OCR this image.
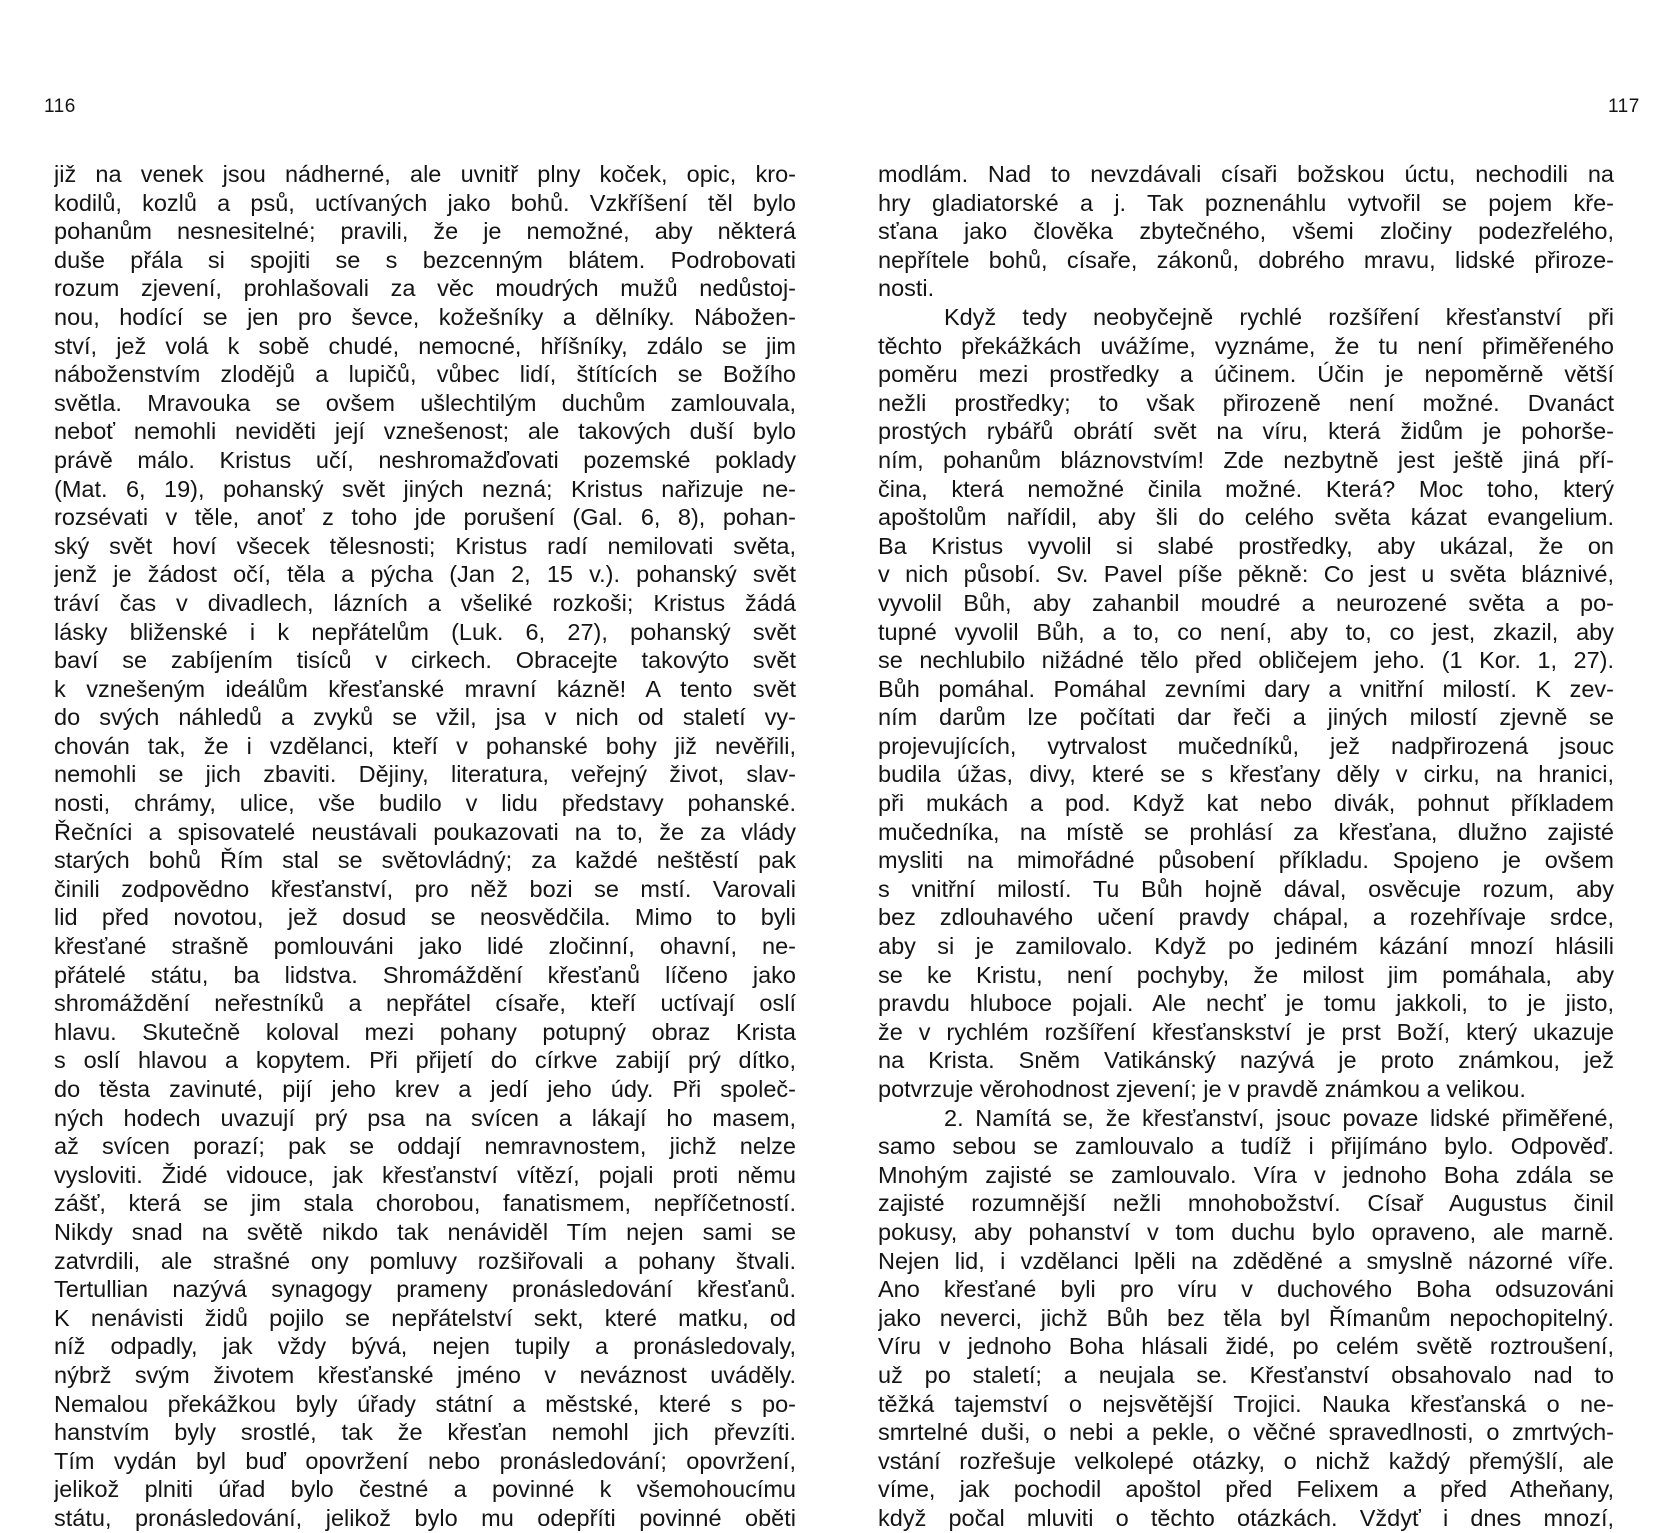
116
již na venek jsou nádherné, ale uvnitř plny koček, opic, kro-
kodilů, kozlů a psů, uctívaných jako bohů. Vzkříšení těl bylo
pohanům nesnesitelné; pravili, že je nemožné, aby některá
duše přála si spojiti se s bezcenným blátem. Podrobovati
rozum zjevení, prohlašovali za věc moudrých mužů nedůstoj-
nou, hodící se jen pro ševce, kožešníky a dělníky. Nábožen-
ství, jež volá k sobě chudé, nemocné, hříšníky, zdálo se jim
náboženstvím zlodějů a lupičů, vůbec lidí, štítících se Božího
světla. Mravouka se ovšem ušlechtilým duchům zamlouvala,
neboť nemohli neviděti její vznešenost; ale takových duší bylo
právě málo. Kristus učí, neshromažďovati pozemské poklady
(Mat. 6, 19), pohanský svět jiných nezná; Kristus nařizuje ne-
rozsévati v těle, anoť z toho jde porušení (Gal. 6, 8), pohan-
ský svět hoví všecek tělesnosti; Kristus radí nemilovati světa,
jenž je žádost očí, těla a pýcha (Jan 2, 15 v.). pohanský svět
tráví čas v divadlech, lázních a všeliké rozkoši; Kristus žádá
lásky bliženské i k nepřátelům (Luk. 6, 27), pohanský svět
baví se zabíjením tisíců v cirkech. Obracejte takovýto svět
k vznešeným ideálům křesťanské mravní kázně! A tento svět
do svých náhledů a zvyků se vžil, jsa v nich od staletí vy-
chován tak, že i vzdělanci, kteří v pohanské bohy již nevěřili,
nemohli se jich zbaviti. Dějiny, literatura, veřejný život, slav-
nosti, chrámy, ulice, vše budilo v lidu představy pohanské.
Řečníci a spisovatelé neustávali poukazovati na to, že za vlády
starých bohů Řím stal se světovládný; za každé neštěstí pak
činili zodpovědno křesťanství, pro něž bozi se mstí. Varovali
lid před novotou, jež dosud se neosvědčila. Mimo to byli
křesťané strašně pomlouváni jako lidé zločinní, ohavní, ne-
přátelé státu, ba lidstva. Shromáždění křesťanů líčeno jako
shromáždění neřestníků a nepřátel císaře, kteří uctívají oslí
hlavu. Skutečně koloval mezi pohany potupný obraz Krista
s oslí hlavou a kopytem. Při přijetí do církve zabijí prý dítko,
do těsta zavinuté, pijí jeho krev a jedí jeho údy. Při společ-
ných hodech uvazují prý psa na svícen a lákají ho masem,
až svícen porazí; pak se oddají nemravnostem, jichž nelze
vysloviti. Židé vidouce, jak křesťanství vítězí, pojali proti němu
zášť, která se jim stala chorobou, fanatismem, nepříčetností.
Nikdy snad na světě nikdo tak nenáviděl Tím nejen sami se
zatvrdili, ale strašné ony pomluvy rozšiřovali a pohany štvali.
Tertullian nazývá synagogy prameny pronásledování křesťanů.
K nenávisti židů pojilo se nepřátelství sekt, které matku, od
níž odpadly, jak vždy bývá, nejen tupily a pronásledovaly,
nýbrž svým životem křesťanské jméno v neváznost uváděly.
Nemalou překážkou byly úřady státní a městské, které s po-
hanstvím byly srostlé, tak že křesťan nemohl jich převzíti.
Tím vydán byl buď opovržení nebo pronásledování; opovržení,
jelikož plniti úřad bylo čestné a povinné k všemohoucímu
státu, pronásledování, jelikož bylo mu odepříti povinné oběti
117
modlám. Nad to nevzdávali císaři božskou úctu, nechodili na
hry gladiatorské a j. Tak poznenáhlu vytvořil se pojem kře-
sťana jako člověka zbytečného, všemi zločiny podezřelého,
nepřítele bohů, císaře, zákonů, dobrého mravu, lidské přiroze-
nosti.
Když tedy neobyčejně rychlé rozšíření křesťanství při
těchto překážkách uvážíme, vyznáme, že tu není přiměřeného
poměru mezi prostředky a účinem. Účin je nepoměrně větší
nežli prostředky; to však přirozeně není možné. Dvanáct
prostých rybářů obrátí svět na víru, která židům je pohorše-
ním, pohanům bláznovstvím! Zde nezbytně jest ještě jiná pří-
čina, která nemožné činila možné. Která? Moc toho, který
apoštolům nařídil, aby šli do celého světa kázat evangelium.
Ba Kristus vyvolil si slabé prostředky, aby ukázal, že on
v nich působí. Sv. Pavel píše pěkně: Co jest u světa bláznivé,
vyvolil Bůh, aby zahanbil moudré a neurozené světa a po-
tupné vyvolil Bůh, a to, co není, aby to, co jest, zkazil, aby
se nechlubilo nižádné tělo před obličejem jeho. (1 Kor. 1, 27).
Bůh pomáhal. Pomáhal zevními dary a vnitřní milostí. K zev-
ním darům lze počítati dar řeči a jiných milostí zjevně se
projevujících, vytrvalost mučedníků, jež nadpřirozená jsouc
budila úžas, divy, které se s křesťany děly v cirku, na hranici,
při mukách a pod. Když kat nebo divák, pohnut příkladem
mučedníka, na místě se prohlásí za křesťana, dlužno zajisté
mysliti na mimořádné působení příkladu. Spojeno je ovšem
s vnitřní milostí. Tu Bůh hojně dával, osvěcuje rozum, aby
bez zdlouhavého učení pravdy chápal, a rozehřívaje srdce,
aby si je zamilovalo. Když po jediném kázání mnozí hlásili
se ke Kristu, není pochyby, že milost jim pomáhala, aby
pravdu hluboce pojali. Ale nechť je tomu jakkoli, to je jisto,
že v rychlém rozšíření křesťanskství je prst Boží, který ukazuje
na Krista. Sněm Vatikánský nazývá je proto známkou, jež
potvrzuje věrohodnost zjevení; je v pravdě známkou a velikou.
2. Namítá se, že křesťanství, jsouc povaze lidské přiměřené,
samo sebou se zamlouvalo a tudíž i přijímáno bylo. Odpověď.
Mnohým zajisté se zamlouvalo. Víra v jednoho Boha zdála se
zajisté rozumnější nežli mnohobožství. Císař Augustus činil
pokusy, aby pohanství v tom duchu bylo opraveno, ale marně.
Nejen lid, i vzdělanci lpěli na zděděné a smyslně názorné víře.
Ano křesťané byli pro víru v duchového Boha odsuzováni
jako neverci, jichž Bůh bez těla byl Římanům nepochopitelný.
Víru v jednoho Boha hlásali židé, po celém světě roztroušení,
už po staletí; a neujala se. Křesťanství obsahovalo nad to
těžká tajemství o nejsvětější Trojici. Nauka křesťanská o ne-
smrtelné duši, o nebi a pekle, o věčné spravedlnosti, o zmrtvých-
vstání rozřešuje velkolepé otázky, o nichž každý přemýšlí, ale
víme, jak pochodil apoštol před Felixem a před Atheňany,
když počal mluviti o těchto otázkách. Vždyť i dnes mnozí,
